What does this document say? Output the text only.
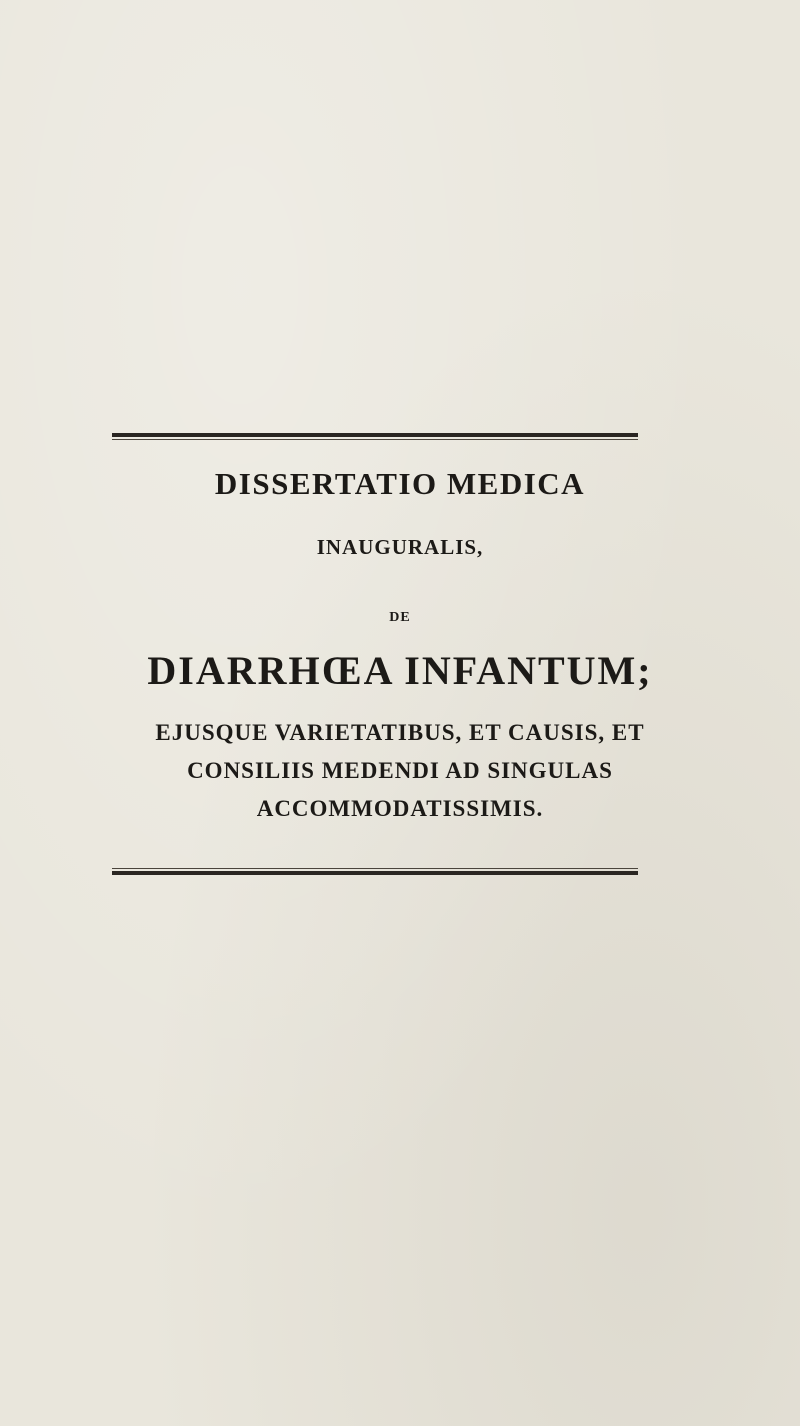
DISSERTATIO MEDICA
INAUGURALIS,
DE
DIARRHŒA INFANTUM;
EJUSQUE VARIETATIBUS, ET CAUSIS, ET
CONSILIIS MEDENDI AD SINGULAS
ACCOMMODATISSIMIS.
